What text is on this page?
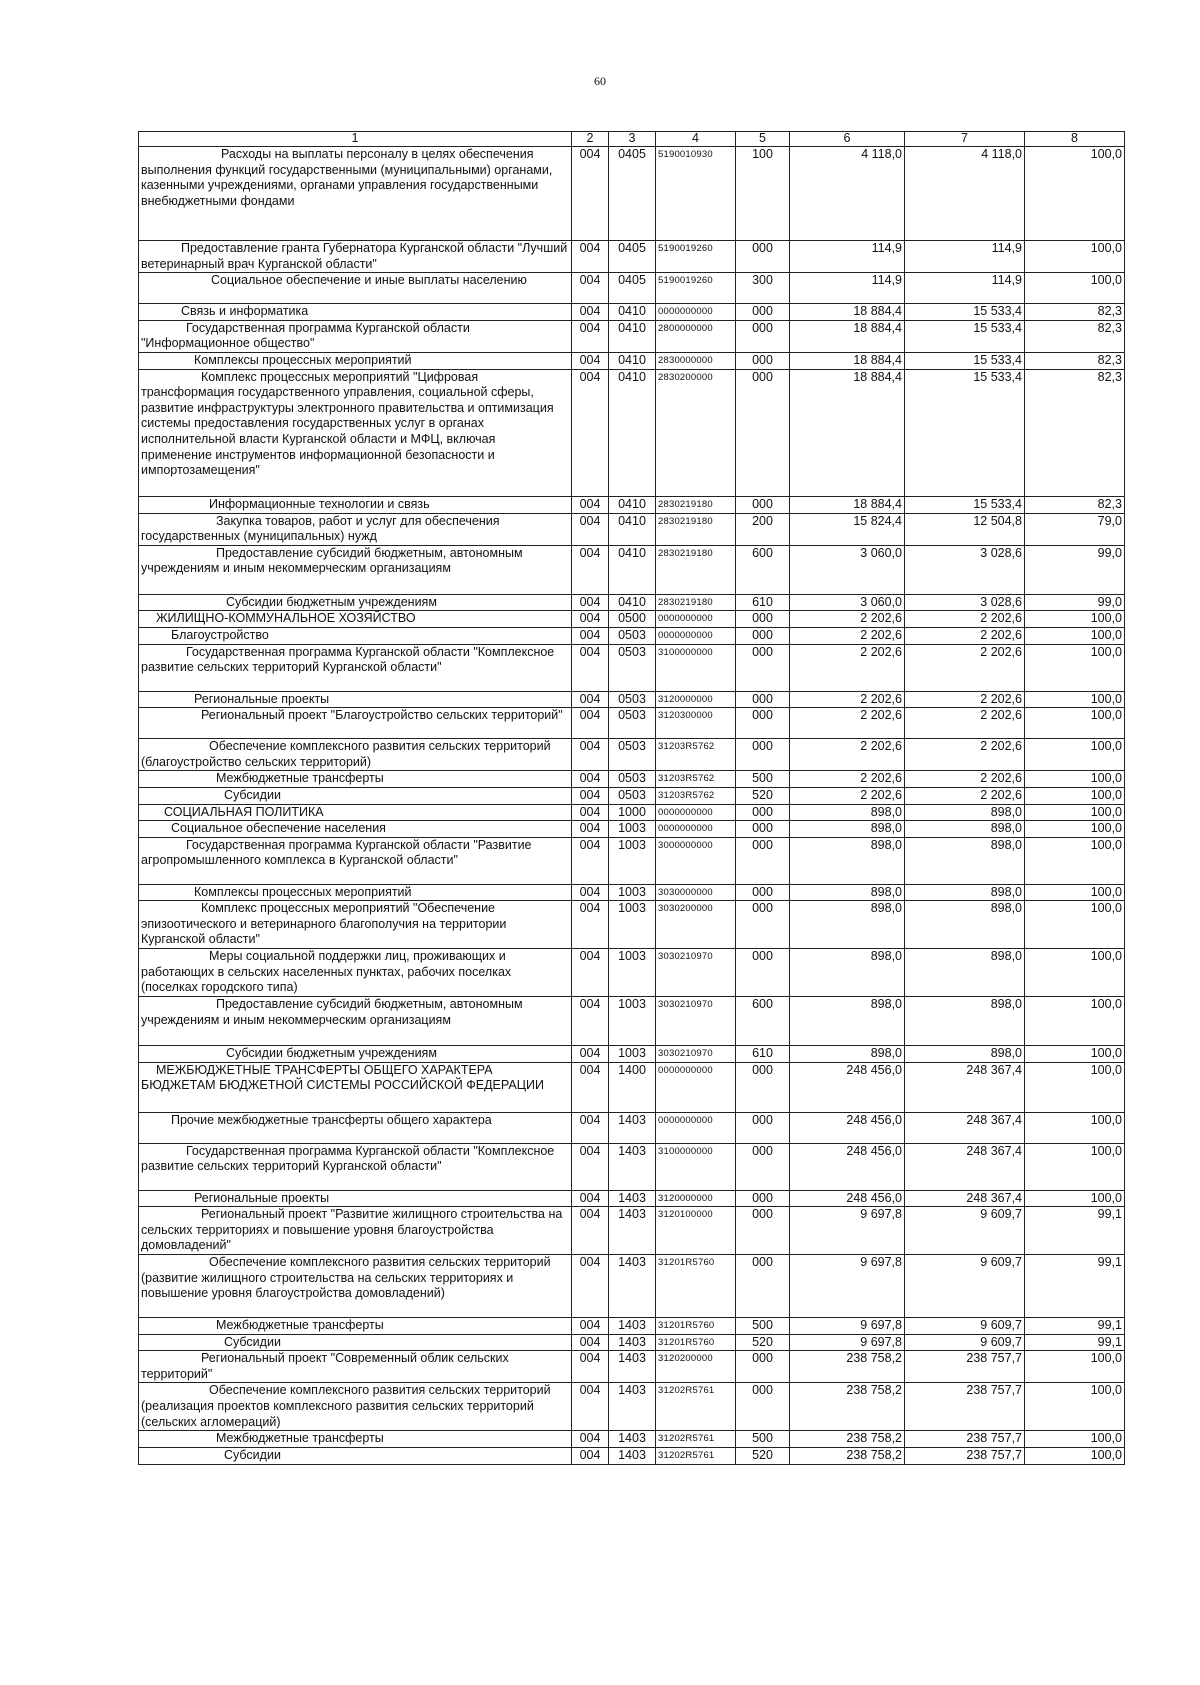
60
1	2	3	4	5	6	7	8
Расходы на выплаты персоналу в целях обеспечения выполнения функций государственными (муниципальными) органами, казенными учреждениями, органами управления государственными внебюджетными фондами	004	0405	5190010930	100	4 118,0	4 118,0	100,0
Предоставление гранта Губернатора Курганской области "Лучший ветеринарный врач Курганской области"	004	0405	5190019260	000	114,9	114,9	100,0
Социальное обеспечение и иные выплаты населению	004	0405	5190019260	300	114,9	114,9	100,0
Связь и информатика	004	0410	0000000000	000	18 884,4	15 533,4	82,3
Государственная программа Курганской области "Информационное общество"	004	0410	2800000000	000	18 884,4	15 533,4	82,3
Комплексы процессных мероприятий	004	0410	2830000000	000	18 884,4	15 533,4	82,3
Комплекс процессных мероприятий "Цифровая трансформация государственного управления, социальной сферы, развитие инфраструктуры электронного правительства и оптимизация системы предоставления государственных услуг в органах исполнительной власти Курганской области и МФЦ, включая применение инструментов информационной безопасности и импортозамещения"	004	0410	2830200000	000	18 884,4	15 533,4	82,3
Информационные технологии и связь	004	0410	2830219180	000	18 884,4	15 533,4	82,3
Закупка товаров, работ и услуг для обеспечения государственных (муниципальных) нужд	004	0410	2830219180	200	15 824,4	12 504,8	79,0
Предоставление субсидий бюджетным, автономным учреждениям и иным некоммерческим организациям	004	0410	2830219180	600	3 060,0	3 028,6	99,0
Субсидии бюджетным учреждениям	004	0410	2830219180	610	3 060,0	3 028,6	99,0
ЖИЛИЩНО-КОММУНАЛЬНОЕ ХОЗЯЙСТВО	004	0500	0000000000	000	2 202,6	2 202,6	100,0
Благоустройство	004	0503	0000000000	000	2 202,6	2 202,6	100,0
Государственная программа Курганской области "Комплексное развитие сельских территорий Курганской области"	004	0503	3100000000	000	2 202,6	2 202,6	100,0
Региональные проекты	004	0503	3120000000	000	2 202,6	2 202,6	100,0
Региональный проект "Благоустройство сельских территорий"	004	0503	3120300000	000	2 202,6	2 202,6	100,0
Обеспечение комплексного развития сельских территорий (благоустройство сельских территорий)	004	0503	31203R5762	000	2 202,6	2 202,6	100,0
Межбюджетные трансферты	004	0503	31203R5762	500	2 202,6	2 202,6	100,0
Субсидии	004	0503	31203R5762	520	2 202,6	2 202,6	100,0
СОЦИАЛЬНАЯ ПОЛИТИКА	004	1000	0000000000	000	898,0	898,0	100,0
Социальное обеспечение населения	004	1003	0000000000	000	898,0	898,0	100,0
Государственная программа Курганской области "Развитие агропромышленного комплекса в Курганской области"	004	1003	3000000000	000	898,0	898,0	100,0
Комплексы процессных мероприятий	004	1003	3030000000	000	898,0	898,0	100,0
Комплекс процессных мероприятий "Обеспечение эпизоотического и ветеринарного благополучия на территории Курганской области"	004	1003	3030200000	000	898,0	898,0	100,0
Меры социальной поддержки лиц, проживающих и работающих в сельских населенных пунктах, рабочих поселках (поселках городского типа)	004	1003	3030210970	000	898,0	898,0	100,0
Предоставление субсидий бюджетным, автономным учреждениям и иным некоммерческим организациям	004	1003	3030210970	600	898,0	898,0	100,0
Субсидии бюджетным учреждениям	004	1003	3030210970	610	898,0	898,0	100,0
МЕЖБЮДЖЕТНЫЕ ТРАНСФЕРТЫ ОБЩЕГО ХАРАКТЕРА БЮДЖЕТАМ БЮДЖЕТНОЙ СИСТЕМЫ РОССИЙСКОЙ ФЕДЕРАЦИИ	004	1400	0000000000	000	248 456,0	248 367,4	100,0
Прочие межбюджетные трансферты общего характера	004	1403	0000000000	000	248 456,0	248 367,4	100,0
Государственная программа Курганской области "Комплексное развитие сельских территорий Курганской области"	004	1403	3100000000	000	248 456,0	248 367,4	100,0
Региональные проекты	004	1403	3120000000	000	248 456,0	248 367,4	100,0
Региональный проект "Развитие жилищного строительства на сельских территориях и повышение уровня благоустройства домовладений"	004	1403	3120100000	000	9 697,8	9 609,7	99,1
Обеспечение комплексного развития сельских территорий (развитие жилищного строительства на сельских территориях и повышение уровня благоустройства домовладений)	004	1403	31201R5760	000	9 697,8	9 609,7	99,1
Межбюджетные трансферты	004	1403	31201R5760	500	9 697,8	9 609,7	99,1
Субсидии	004	1403	31201R5760	520	9 697,8	9 609,7	99,1
Региональный проект "Современный облик сельских территорий"	004	1403	3120200000	000	238 758,2	238 757,7	100,0
Обеспечение комплексного развития сельских территорий (реализация проектов комплексного развития сельских территорий (сельских агломераций)	004	1403	31202R5761	000	238 758,2	238 757,7	100,0
Межбюджетные трансферты	004	1403	31202R5761	500	238 758,2	238 757,7	100,0
Субсидии	004	1403	31202R5761	520	238 758,2	238 757,7	100,0
